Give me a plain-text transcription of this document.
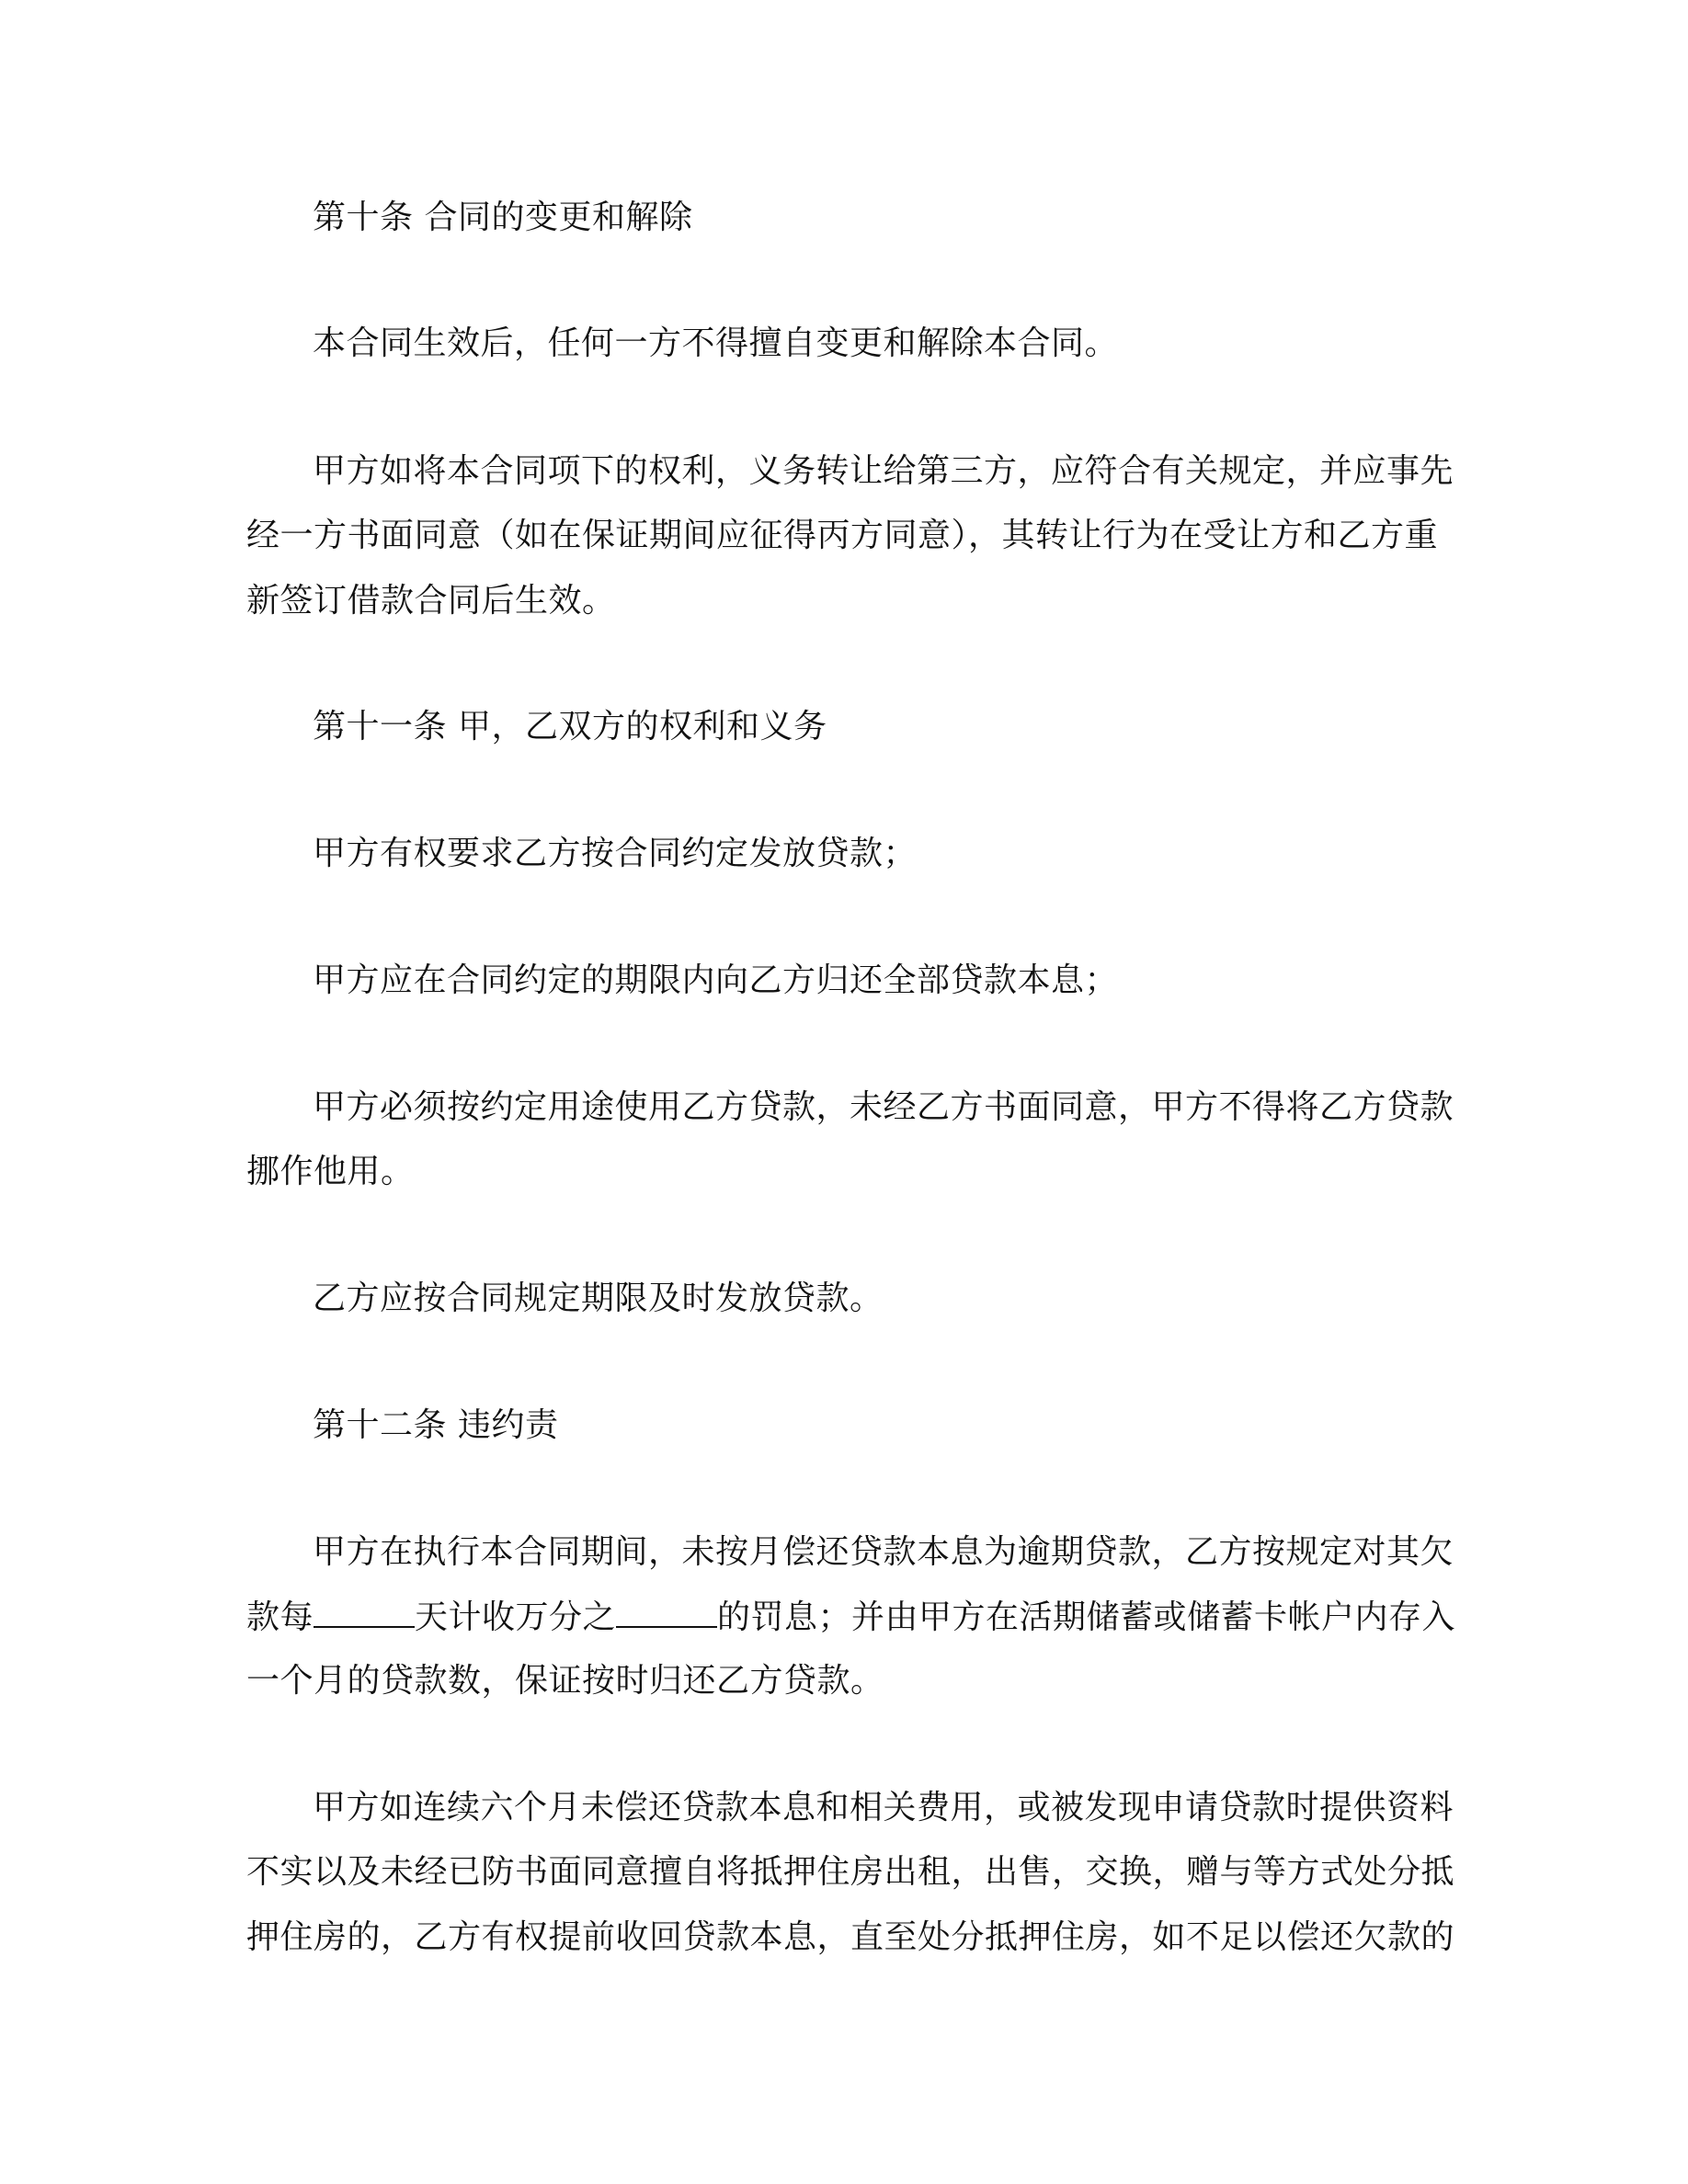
第十条 合同的变更和解除
本合同生效后，任何一方不得擅自变更和解除本合同。
甲方如将本合同项下的权利，义务转让给第三方，应符合有关规定，并应事先
经一方书面同意（如在保证期间应征得丙方同意），其转让行为在受让方和乙方重
新签订借款合同后生效。
第十一条 甲，乙双方的权利和义务
甲方有权要求乙方按合同约定发放贷款；
甲方应在合同约定的期限内向乙方归还全部贷款本息；
甲方必须按约定用途使用乙方贷款，未经乙方书面同意，甲方不得将乙方贷款
挪作他用。
乙方应按合同规定期限及时发放贷款。
第十二条 违约责
甲方在执行本合同期间，未按月偿还贷款本息为逾期贷款，乙方按规定对其欠
款每	天计收万分之	的罚息；并由甲方在活期储蓄或储蓄卡帐户内存入
一个月的贷款数，保证按时归还乙方贷款。
甲方如连续六个月未偿还贷款本息和相关费用，或被发现申请贷款时提供资料
不实以及未经已防书面同意擅自将抵押住房出租，出售，交换，赠与等方式处分抵
押住房的，乙方有权提前收回贷款本息，直至处分抵押住房，如不足以偿还欠款的
